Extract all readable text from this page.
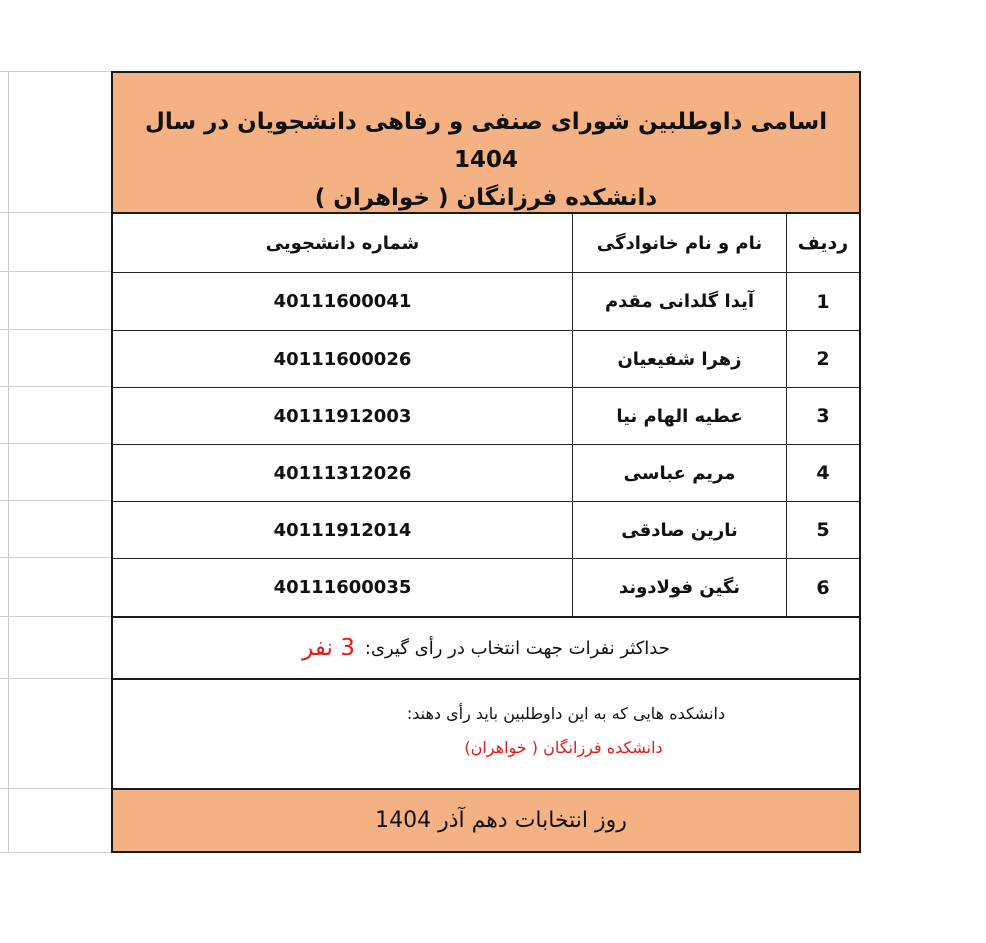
اسامی داوطلبین شورای صنفی و رفاهی دانشجویان در سال 1404
دانشکده فرزانگان ( خواهران )
شماره دانشجویی	نام و نام خانوادگی	ردیف
40111600041	آیدا گلدانی مقدم	1
40111600026	زهرا شفیعیان	2
40111912003	عطیه الهام نیا	3
40111312026	مریم عباسی	4
40111912014	نارین صادقی	5
40111600035	نگین فولادوند	6
حداکثر نفرات جهت انتخاب در رأی گیری:
3 نفر
دانشکده هایی که به این داوطلبین باید رأی دهند:
دانشکده فرزانگان ( خواهران)
روز انتخابات دهم آذر 1404
